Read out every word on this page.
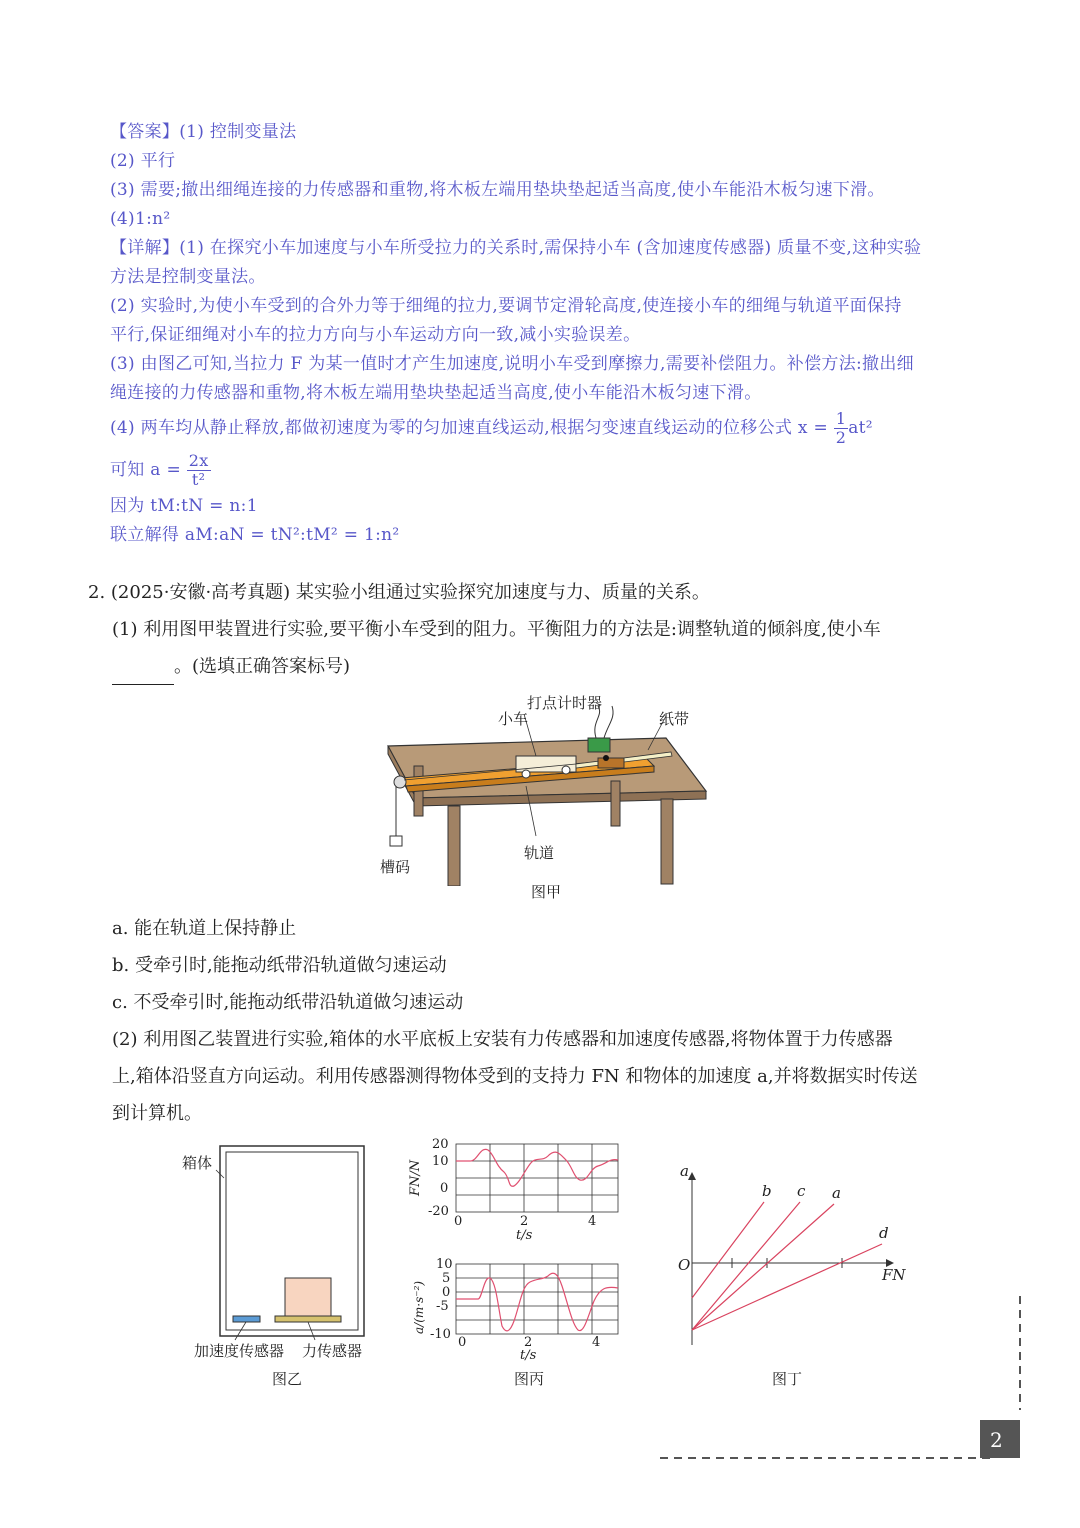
【答案】(1) 控制变量法

(2) 平行

(3) 需要;撤出细绳连接的力传感器和重物,将木板左端用垫块垫起适当高度,使小车能沿木板匀速下滑。

(4)1:n²

【详解】(1) 在探究小车加速度与小车所受拉力的关系时,需保持小车 (含加速度传感器) 质量不变,这种实验

方法是控制变量法。

(2) 实验时,为使小车受到的合外力等于细绳的拉力,要调节定滑轮高度,使连接小车的细绳与轨道平面保持

平行,保证细绳对小车的拉力方向与小车运动方向一致,减小实验误差。

(3) 由图乙可知,当拉力 F 为某一值时才产生加速度,说明小车受到摩擦力,需要补偿阻力。补偿方法:撤出细

绳连接的力传感器和重物,将木板左端用垫块垫起适当高度,使小车能沿木板匀速下滑。

(4) 两车均从静止释放,都做初速度为零的匀加速直线运动,根据匀变速直线运动的位移公式 $x = \frac{1}{2} at^2$

可知 $a = \frac{2x}{\text{t²}}$

因为 tM:tN = n:1

联立解得 aM:aN = tN²:tM² = 1:n²

2. (2025·安徽·高考真题) 某实验小组通过实验探究加速度与力、质量的关系。

(1) 利用图甲装置进行实验,要平衡小车受到的阻力。平衡阻力的方法是:调整轨道的倾斜度,使小车

。(选填正确答案标号)

打点计时器
小车	纸带
轨道
槽码
图甲

a. 能在轨道上保持静止

b. 受牵引时,能拖动纸带沿轨道做匀速运动

c. 不受牵引时,能拖动纸带沿轨道做匀速运动

(2) 利用图乙装置进行实验,箱体的水平底板上安装有力传感器和加速度传感器,将物体置于力传感器

上,箱体沿竖直方向运动。利用传感器测得物体受到的支持力 FN 和物体的加速度 a,并将数据实时传送

到计算机。

箱体
加速度传感器 力传感器
图乙
20
10
0
-20
FN/N
0	2	4
t/s
10
5
0
-5
-10
a/(m·s⁻²)
0	2	4
t/s
图丙
a
FN
O
b c a
d
图丁
2
